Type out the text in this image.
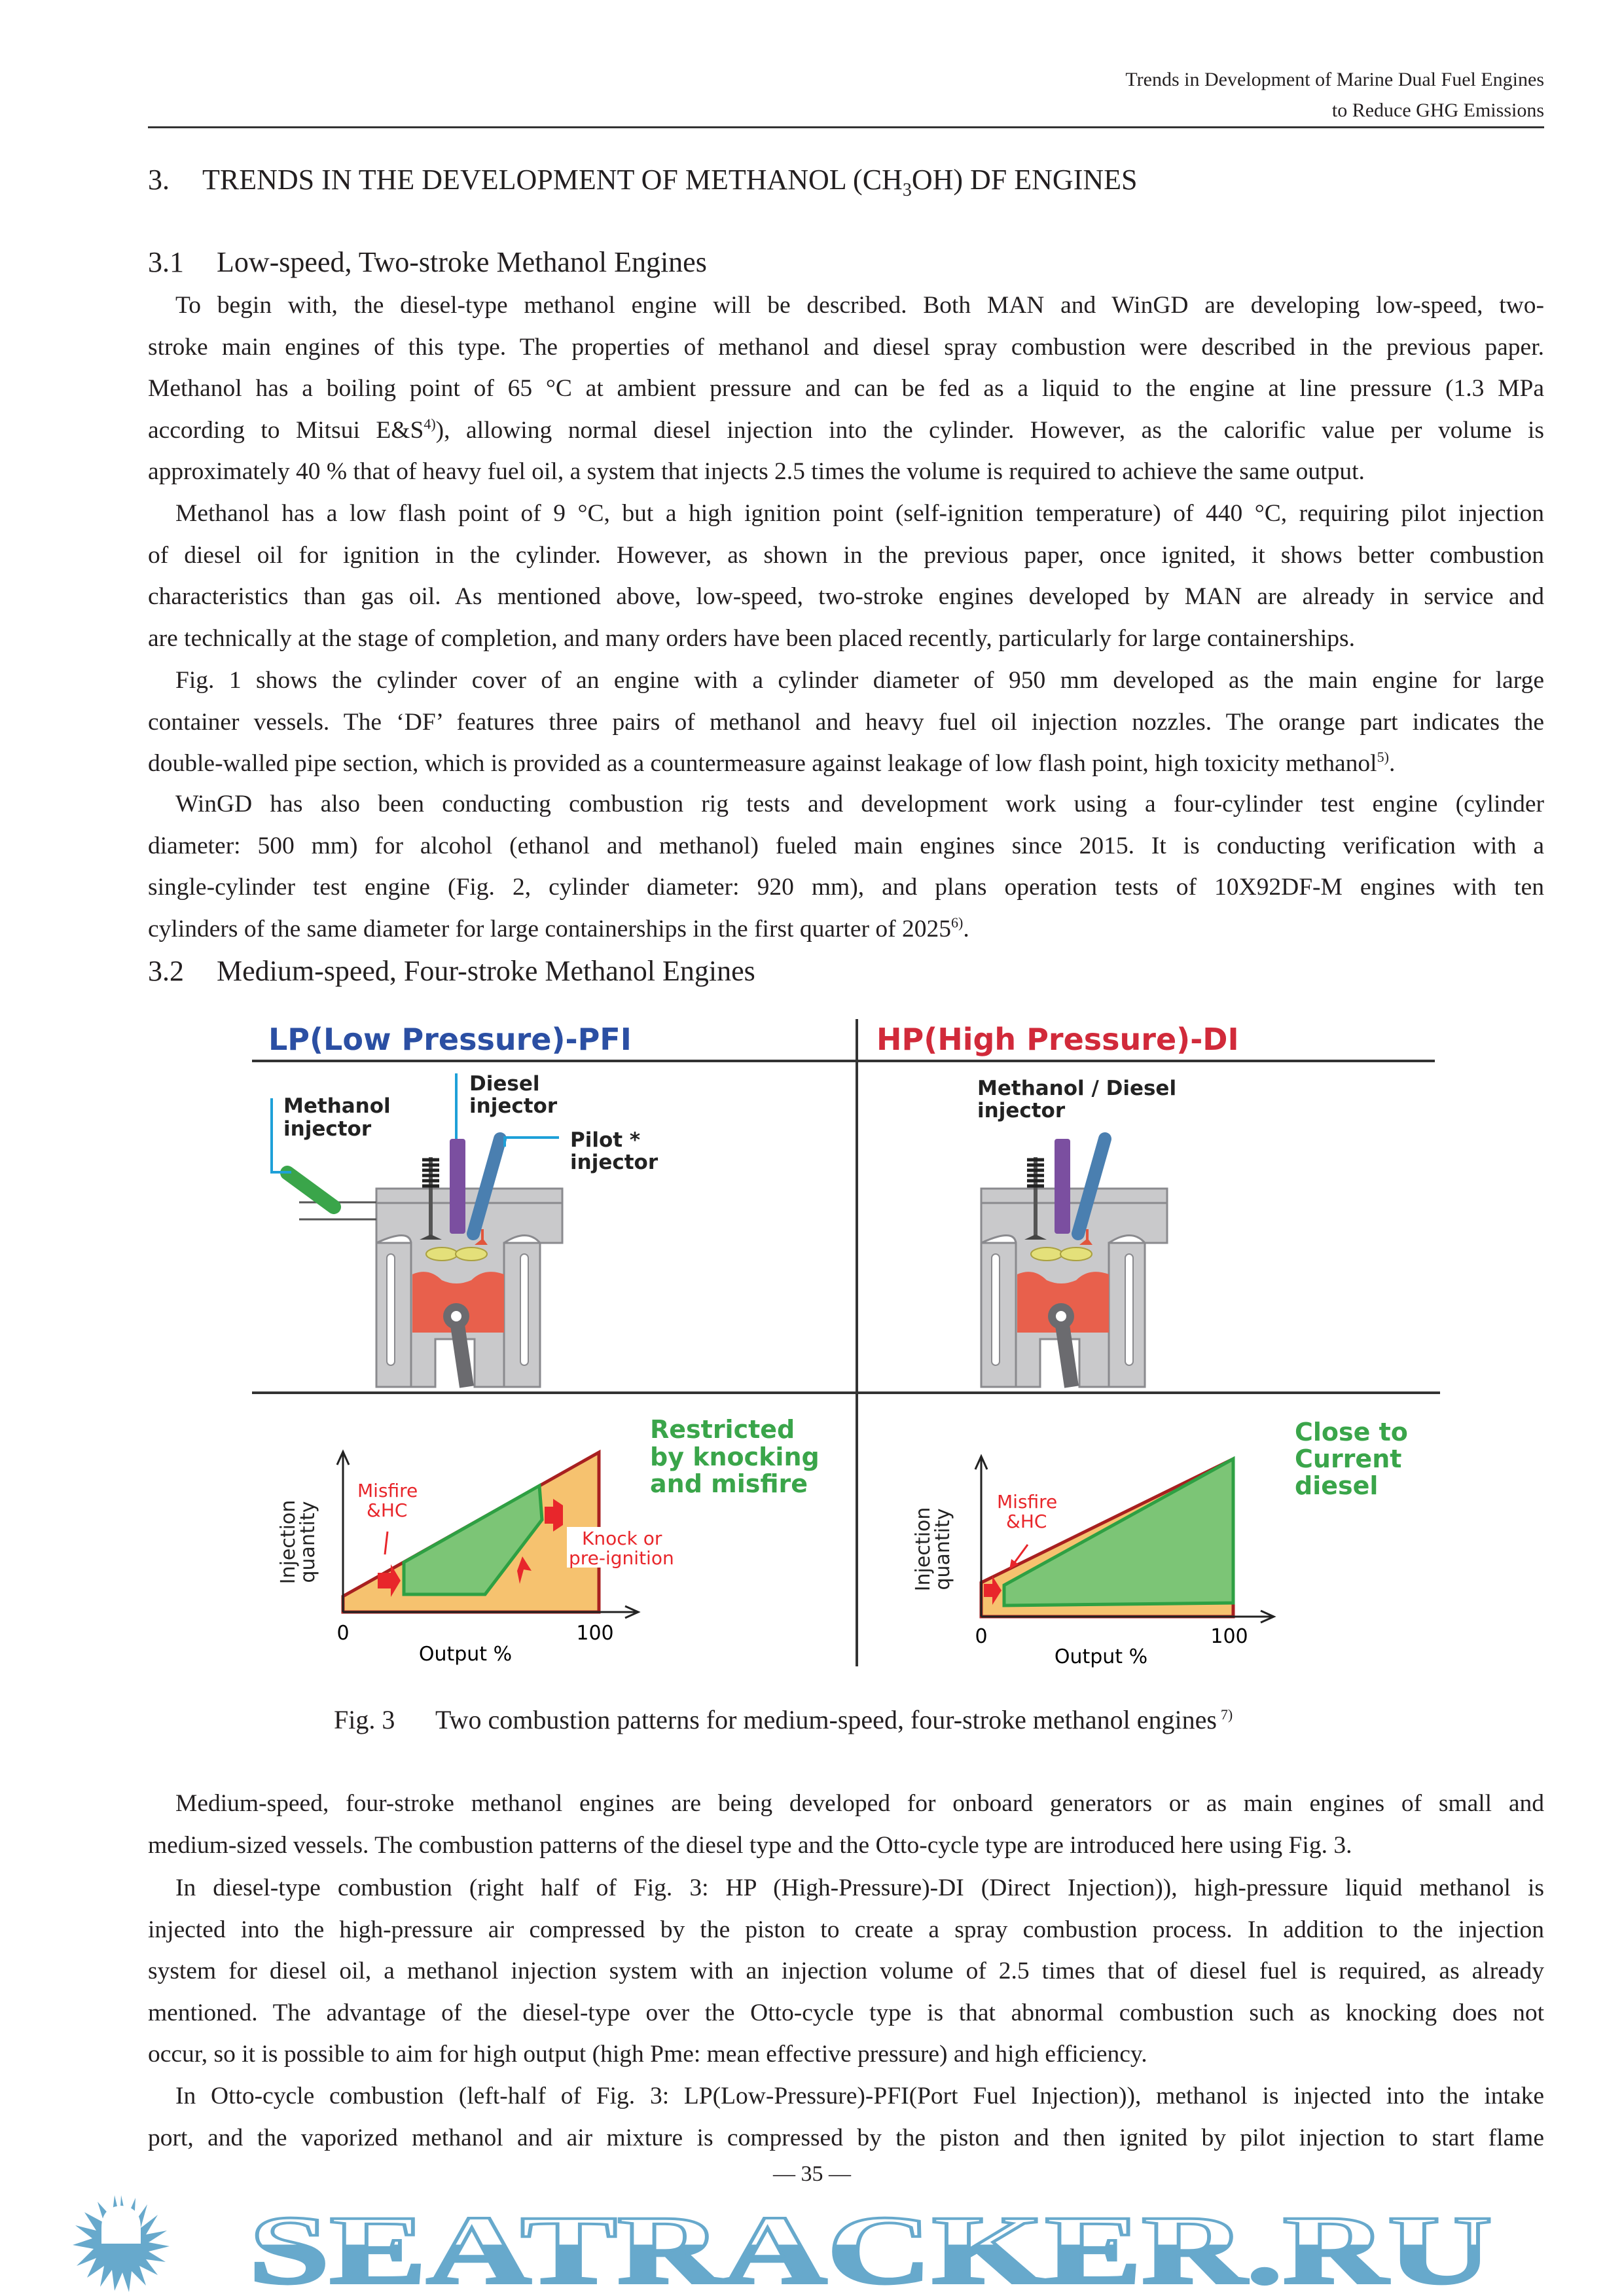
Trends in Development of Marine Dual Fuel Engines
to Reduce GHG Emissions
3. TRENDS IN THE DEVELOPMENT OF METHANOL $(CH_3OH)$ DF ENGINES
3.1 Low-speed, Two-stroke Methanol Engines
To begin with, the diesel-type methanol engine will be described. Both MAN and WinGD are developing low-speed, two-
stroke main engines of this type. The properties of methanol and diesel spray combustion were described in the previous paper.
Methanol has a boiling point of 65 °C at ambient pressure and can be fed as a liquid to the engine at line pressure (1.3 MPa
according to Mitsui $E\&S^{4)}$), allowing normal diesel injection into the cylinder. However, as the calorific value per volume is
approximately 40 % that of heavy fuel oil, a system that injects 2.5 times the volume is required to achieve the same output.
Methanol has a low flash point of 9 °C, but a high ignition point (self-ignition temperature) of 440 °C, requiring pilot injection
of diesel oil for ignition in the cylinder. However, as shown in the previous paper, once ignited, it shows better combustion
characteristics than gas oil. As mentioned above, low-speed, two-stroke engines developed by MAN are already in service and
are technically at the stage of completion, and many orders have been placed recently, particularly for large containerships.
Fig. 1 shows the cylinder cover of an engine with a cylinder diameter of 950 mm developed as the main engine for large
container vessels. The ‘DF’ features three pairs of methanol and heavy fuel oil injection nozzles. The orange part indicates the
double-walled pipe section, which is provided as a countermeasure against leakage of low flash point, high toxicity methanol$^{5)}$.
WinGD has also been conducting combustion rig tests and development work using a four-cylinder test engine (cylinder
diameter: 500 mm) for alcohol (ethanol and methanol) fueled main engines since 2015. It is conducting verification with a
single-cylinder test engine (Fig. 2, cylinder diameter: 920 mm), and plans operation tests of 10X92DF-M engines with ten
cylinders of the same diameter for large containerships in the first quarter of 2025$^{6)}$.
3.2 Medium-speed, Four-stroke Methanol Engines
LP(Low Pressure)-PFI	HP(High Pressure)-DI
Methanol
injector
Diesel
injector
Pilot *
injector
Methanol / Diesel
injector
Misfire
&HC
Knock or
pre-ignition
Restricted
by knocking
and misfire
Injection
quantity
0	100
Output %
Misfire
&HC
Close to
Current
diesel
Injection
quantity
0	100
Output %
Fig. 3 Two combustion patterns for medium-speed, four-stroke methanol engines $^{7)}$
Medium-speed, four-stroke methanol engines are being developed for onboard generators or as main engines of small and
medium-sized vessels. The combustion patterns of the diesel type and the Otto-cycle type are introduced here using Fig. 3.
In diesel-type combustion (right half of Fig. 3: HP (High-Pressure)-DI (Direct Injection)), high-pressure liquid methanol is
injected into the high-pressure air compressed by the piston to create a spray combustion process. In addition to the injection
system for diesel oil, a methanol injection system with an injection volume of 2.5 times that of diesel fuel is required, as already
mentioned. The advantage of the diesel-type over the Otto-cycle type is that abnormal combustion such as knocking does not
occur, so it is possible to aim for high output (high Pme: mean effective pressure) and high efficiency.
In Otto-cycle combustion (left-half of Fig. 3: LP(Low-Pressure)-PFI(Port Fuel Injection)), methanol is injected into the intake
port, and the vaporized methanol and air mixture is compressed by the piston and then ignited by pilot injection to start flame
— 35 —
SEATRACKER.RU
